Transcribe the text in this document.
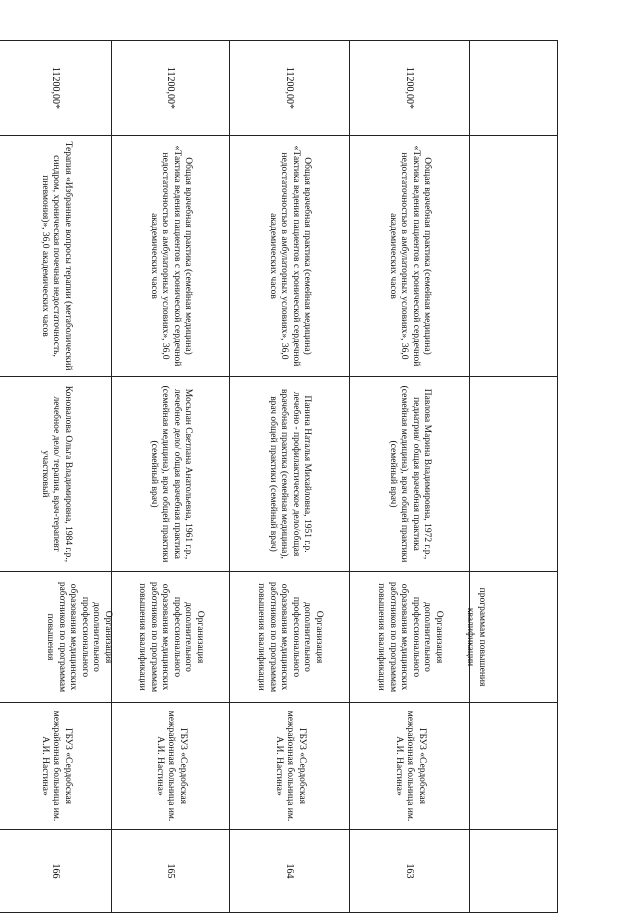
			программам повышения квалификации		

11200,00*	Общая врачебная практика (семейная медицина) «Тактика ведения пациентов с хронической сердечной недостаточностью в амбулаторных условиях», 36,0 академических часов	Павлова Марина Владимировна, 1972 г.р., педиатрия/ общая врачебная практика (семейная медицина), врач общей практики (семейный врач)	Организация дополнительного профессионального образования медицинских работников по программам повышения квалификации	ГБУЗ «Сердобская межрайонная больница им. А.И. Настина»	163
11200,00*	Общая врачебная практика (семейная медицина) «Тактика ведения пациентов с хронической сердечной недостаточностью в амбулаторных условиях», 36,0 академических часов	Панина Наталья Михайловна, 1951 г.р. лечебно - профилактическое дело/общая врачебная практика (семейная медицина), врач общей практики (семейный врач)	Организация дополнительного профессионального образования медицинских работников по программам повышения квалификации	ГБУЗ «Сердобская межрайонная больница им. А.И. Настина»	164
11200,00*	Общая врачебная практика (семейная медицина) «Тактика ведения пациентов с хронической сердечной недостаточностью в амбулаторных условиях», 36,0 академических часов	Мосьпан Светлана Анатольевна, 1961 г.р., лечебное дело/ общая врачебная практика (семейная медицина), врач общей практики (семейный врач)	Организация дополнительного профессионального образования медицинских работников по программам повышения квалификации	ГБУЗ «Сердобская межрайонная больница им. А.И. Настина»	165
11200,00*	Терапия «Избранные вопросы терапии (метаболический синдром, хроническая почечная недостаточность, пневмония)», 36,0 академических часов	Коновалова Ольга Владимировна, 1984 г.р., лечебное дело/ терапия, врач-терапевт участковый	Организация дополнительного профессионального образования медицинских работников по программам повышения	ГБУЗ «Сердобская межрайонная больница им. А.И. Настина»	166
